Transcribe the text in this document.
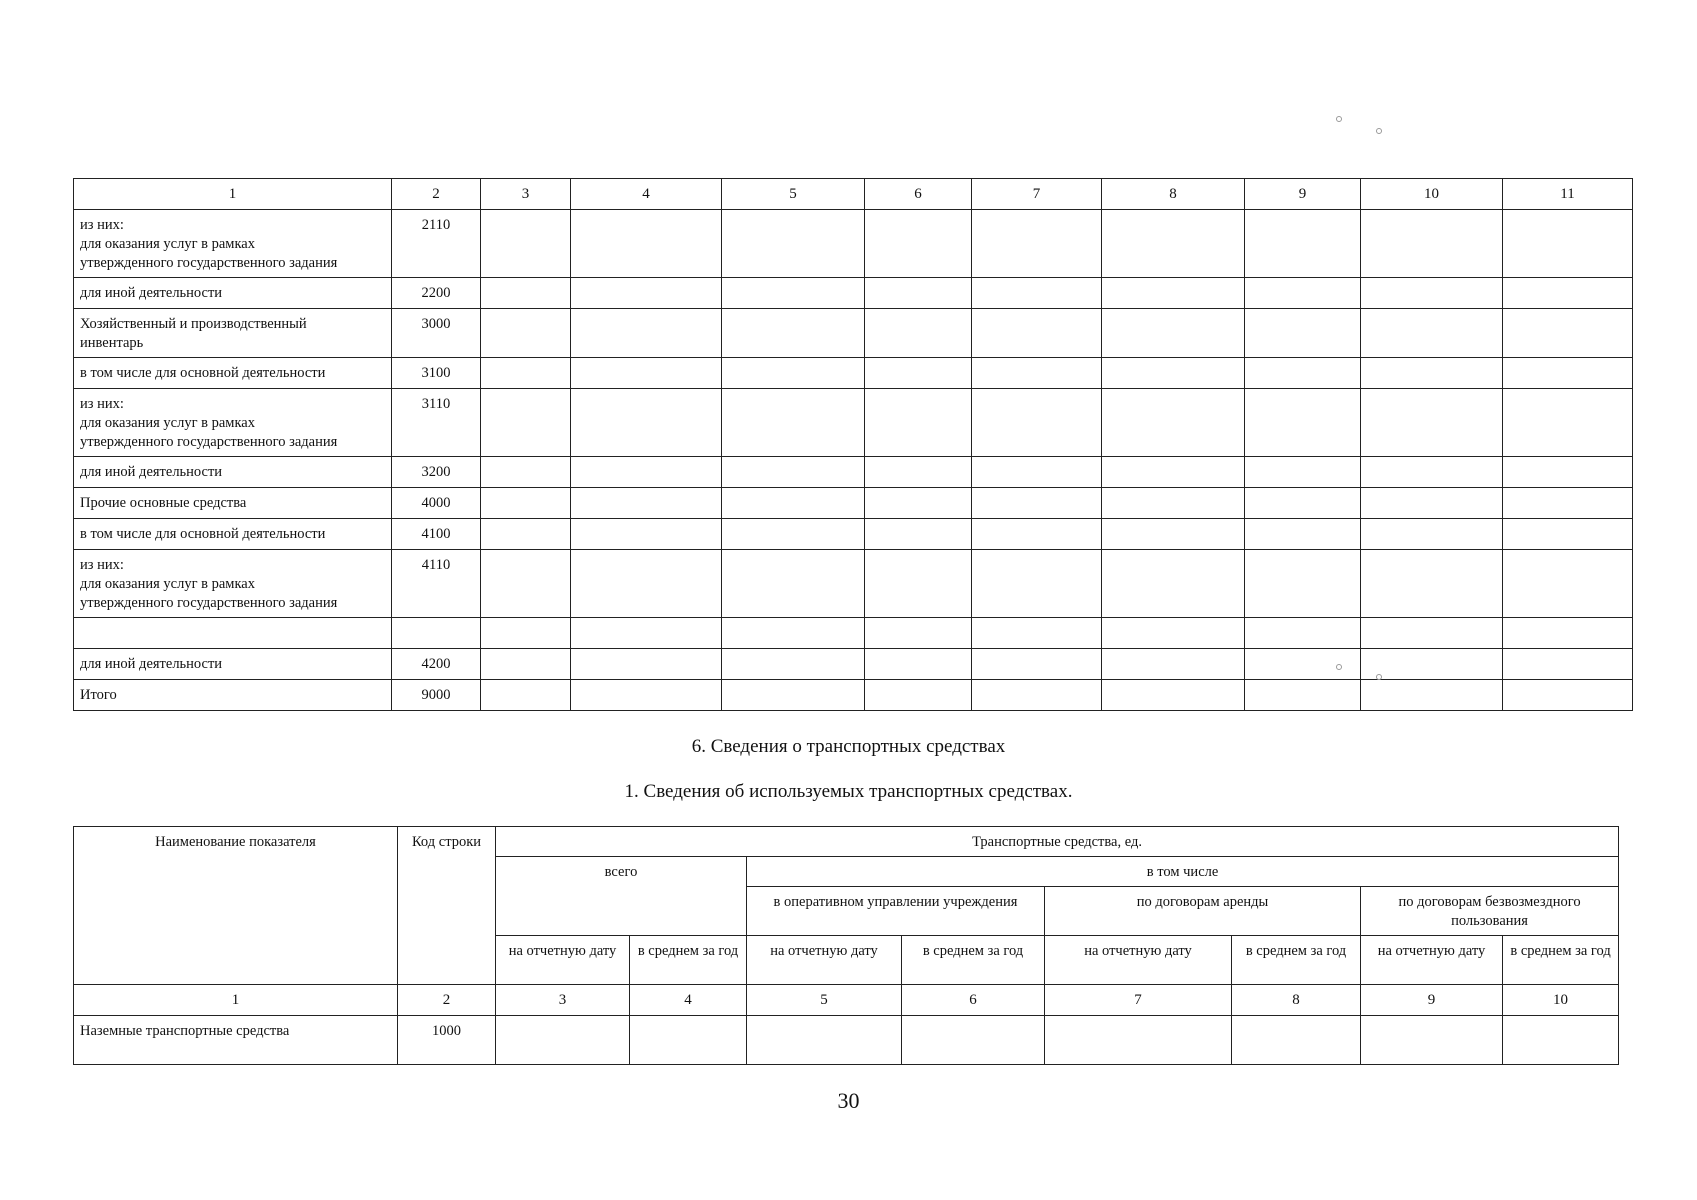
1	2	3	4	5	6	7	8	9	10	11

из них:
для оказания услуг в рамках
утвержденного государственного задания	2110									

для иной деятельности	2200									

Хозяйственный и производственный
инвентарь	3000									

в том числе для основной деятельности	3100									

из них:
для оказания услуг в рамках
утвержденного государственного задания	3110									

для иной деятельности	3200									

Прочие основные средства	4000									

в том числе для основной деятельности	4100									

из них:
для оказания услуг в рамках
утвержденного государственного задания	4110									

для иной деятельности	4200									

Итого	9000									
6. Сведения о транспортных средствах
1. Сведения об используемых транспортных средствах.
Наименование показателя	Код строки	Транспортные средства, ед.							
		всего		в том числе					
				в оперативном управлении учреждения		по договорам аренды		по договорам безвозмездного пользования	
		на отчетную дату	в среднем за год	на отчетную дату	в среднем за год	на отчетную дату	в среднем за год	на отчетную дату	в среднем за год
1	2	3	4	5	6	7	8	9	10
Наземные транспортные средства	1000								
30
